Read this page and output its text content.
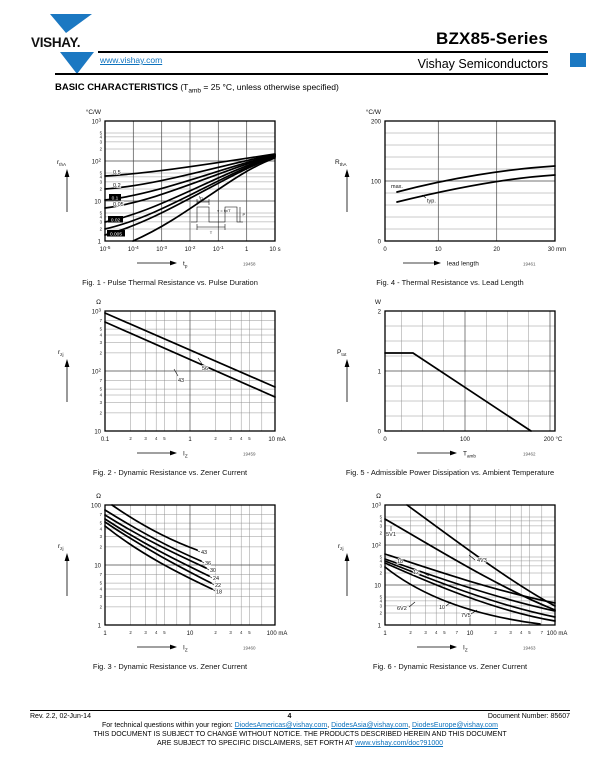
VISHAY.	BZX85-Series
www.vishay.com	Vishay Semiconductors
BASIC CHARACTERISTICS ($T_{amb} = 25$ °C, unless otherwise specified)
0.5
0.2
0.1
0.05
0.02
0.005
tp
ν = tp/T
T
P
°C/W
$10^3$
$10^2$
10
1
5
4
3
2
5
4
3
2
5
4
3
2
$10^{-5}$	$10^{-4}$	$10^{-3}$	$10^{-2}$	$10^{-1}$	1	10 s
$r_{thA}$
$t_p$	19458
Fig. 1 - Pulse Thermal Resistance vs. Pulse Duration
max.
typ.
°C/W
200
100
0
0	10	20	30 mm
$R_{thA}$
lead length	19461
Fig. 4 - Thermal Resistance vs. Lead Length
56
43
Ω
$10^3$
$10^2$
10
7
5
4
3
2
7
5
4
3
2
0.1	1	10 mA
2	3 4 5	2	3 4 5
$r_{zj}$
$I_Z$	19459
Fig. 2 - Dynamic Resistance vs. Zener Current
W
2
1
0
0	100	200 °C
$P_{tot}$
$T_{amb}$	19462
Fig. 5 - Admissible Power Dissipation vs. Ambient Temperature
43
36
30
24
22
18
Ω
100
10
1
7
5
4
3
2
7
5
4
3
2
1	10	100 mA
2	3 4 5	2	3 4 5
$r_{zj}$
$I_Z$	19460
Fig. 3 - Dynamic Resistance vs. Zener Current
5V1
4V3
18
12
6V2	10
7V5
Ω
$10^3$
$10^2$
10
1
5
4
3
2
5
4
3
2
5
4
3
2
1	10	100 mA
2	3 4 5 7	2	3 4 5 7
$r_{zj}$
$I_Z$	19463
Fig. 6 - Dynamic Resistance vs. Zener Current
Rev. 2.2, 02-Jun-14	4	Document Number: 85607
For technical questions within your region: DiodesAmericas@vishay.com, DiodesAsia@vishay.com, DiodesEurope@vishay.com
THIS DOCUMENT IS SUBJECT TO CHANGE WITHOUT NOTICE. THE PRODUCTS DESCRIBED HEREIN AND THIS DOCUMENT
ARE SUBJECT TO SPECIFIC DISCLAIMERS, SET FORTH AT www.vishay.com/doc?91000
